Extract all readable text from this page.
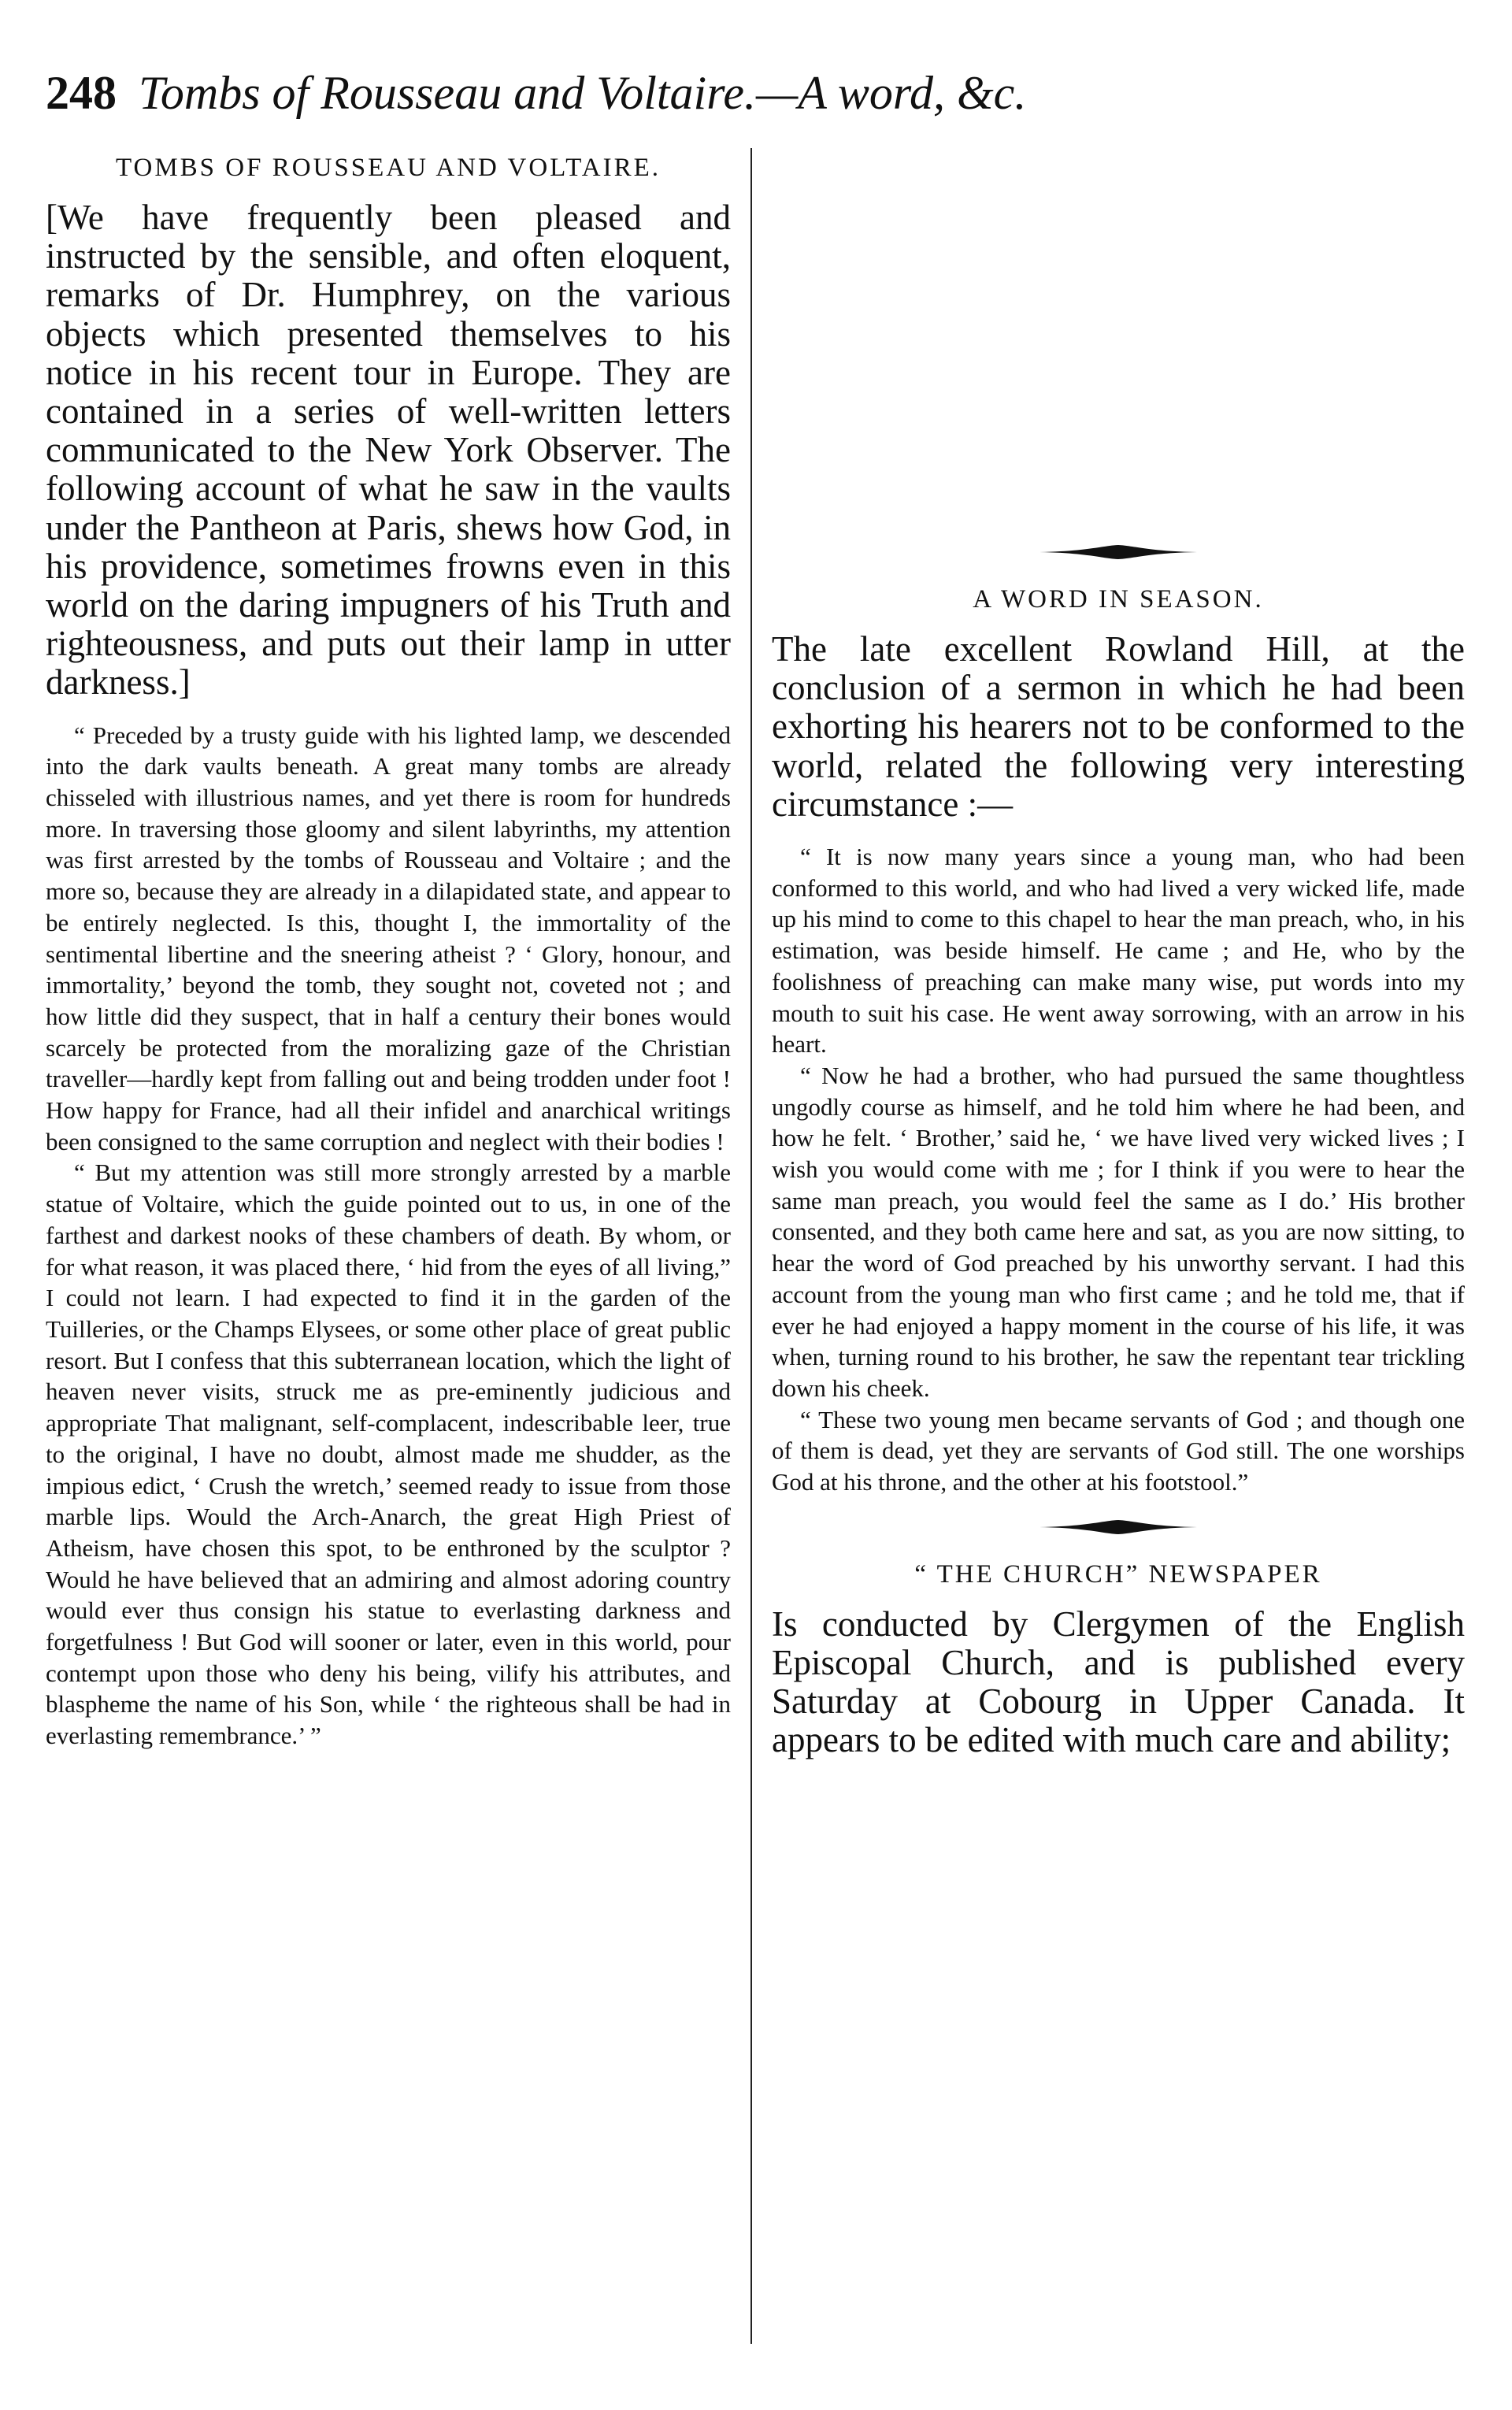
248 Tombs of Rousseau and Voltaire.—A word, &c.
TOMBS OF ROUSSEAU AND VOLTAIRE.

[We have frequently been pleased and instructed by the sensible, and often eloquent, remarks of Dr. Humphrey, on the various objects which presented themselves to his notice in his recent tour in Europe. They are contained in a series of well-written letters communicated to the New York Observer. The following account of what he saw in the vaults under the Pantheon at Paris, shews how God, in his providence, sometimes frowns even in this world on the daring impugners of his Truth and righteousness, and puts out their lamp in utter darkness.]

“ Preceded by a trusty guide with his lighted lamp, we descended into the dark vaults beneath. A great many tombs are already chisseled with illustrious names, and yet there is room for hundreds more. In traversing those gloomy and silent labyrinths, my attention was first arrested by the tombs of Rousseau and Voltaire ; and the more so, because they are already in a dilapidated state, and appear to be entirely neglected. Is this, thought I, the immortality of the sentimental libertine and the sneering atheist ? ‘ Glory, honour, and immortality,’ beyond the tomb, they sought not, coveted not ; and how little did they suspect, that in half a century their bones would scarcely be protected from the moralizing gaze of the Christian traveller—hardly kept from falling out and being trodden under foot ! How happy for France, had all their infidel and anarchical writings been consigned to the same corruption and neglect with their bodies !

“ But my attention was still more strongly arrested by a marble statue of Voltaire, which the guide pointed out to us, in one of the farthest and darkest nooks of these chambers of death. By whom, or for what reason, it was placed there, ‘ hid from the eyes of all living,” I could not learn. I had expected to find it in the garden of the Tuilleries, or the Champs Elysees, or some other place of great public resort. But I confess that this subterranean location, which the light of heaven never visits, struck me as pre-eminently judicious and appropriate That malignant, self-complacent, indescribable leer, true to the original, I have no doubt, almost made me shudder, as the impious edict, ‘ Crush the wretch,’ seemed ready to issue from those marble lips. Would the Arch-Anarch, the great High Priest of Atheism, have chosen this spot, to be enthroned by the sculptor ? Would he have believed that an admiring and almost adoring country would ever thus consign his statue to everlasting darkness and forgetfulness ! But God will sooner or later, even in this world, pour contempt upon those who deny his being, vilify his attributes, and blaspheme the name of his Son, while ‘ the righteous shall be had in everlasting remembrance.’ ”

A WORD IN SEASON.

The late excellent Rowland Hill, at the conclusion of a sermon in which he had been exhorting his hearers not to be conformed to the world, related the following very interesting circumstance :—

“ It is now many years since a young man, who had been conformed to this world, and who had lived a very wicked life, made up his mind to come to this chapel to hear the man preach, who, in his estimation, was beside himself. He came ; and He, who by the foolishness of preaching can make many wise, put words into my mouth to suit his case. He went away sorrowing, with an arrow in his heart.

“ Now he had a brother, who had pursued the same thoughtless ungodly course as himself, and he told him where he had been, and how he felt. ‘ Brother,’ said he, ‘ we have lived very wicked lives ; I wish you would come with me ; for I think if you were to hear the same man preach, you would feel the same as I do.’ His brother consented, and they both came here and sat, as you are now sitting, to hear the word of God preached by his unworthy servant. I had this account from the young man who first came ; and he told me, that if ever he had enjoyed a happy moment in the course of his life, it was when, turning round to his brother, he saw the repentant tear trickling down his cheek.

“ These two young men became servants of God ; and though one of them is dead, yet they are servants of God still. The one worships God at his throne, and the other at his footstool.”

“ THE CHURCH” NEWSPAPER

Is conducted by Clergymen of the English Episcopal Church, and is published every Saturday at Cobourg in Upper Canada. It appears to be edited with much care and ability;
